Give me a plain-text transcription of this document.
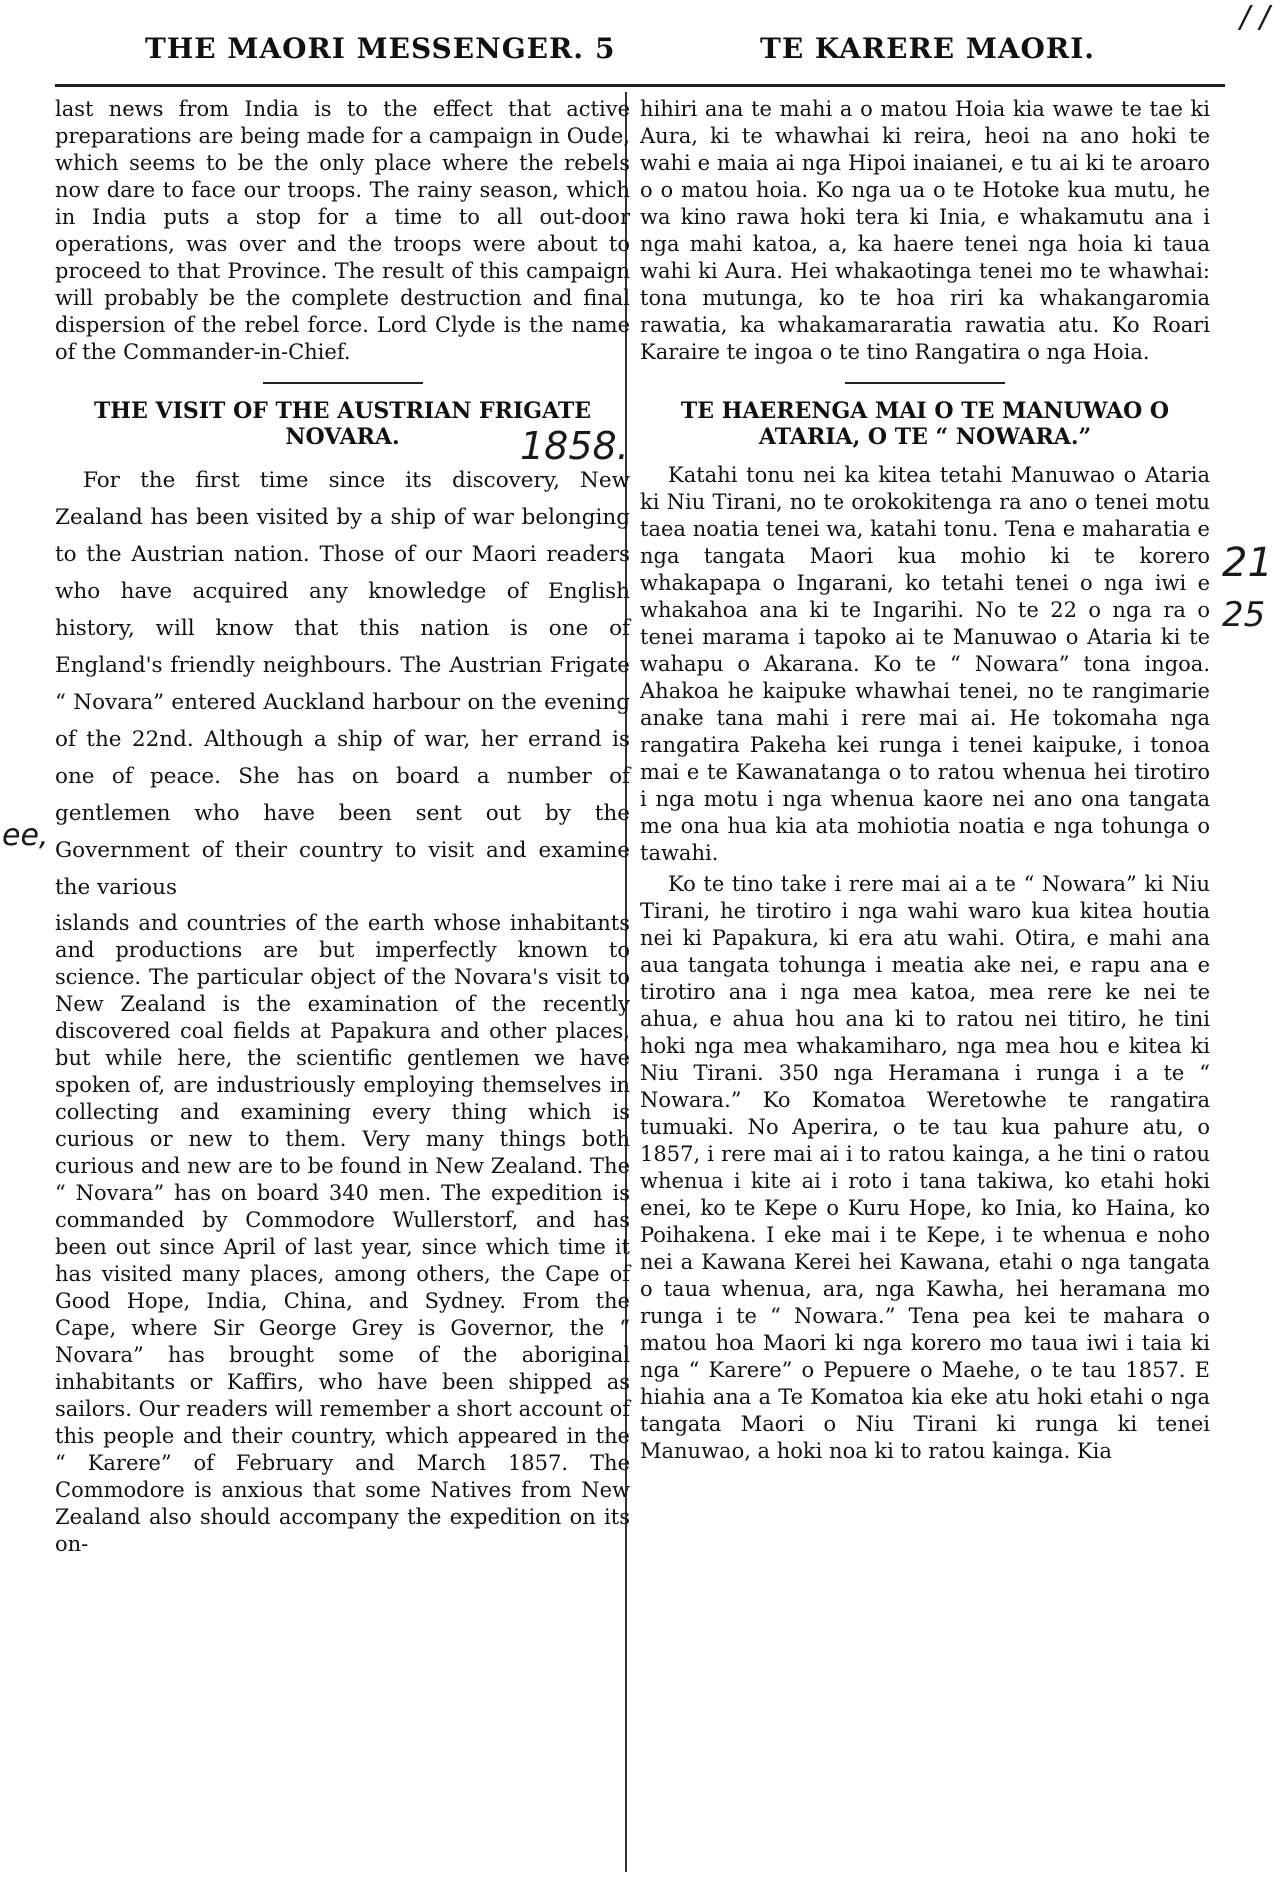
THE MAORI MESSENGER. 5	TE KARERE MAORI.

last news from India is to the effect that active preparations are being made for a campaign in Oude, which seems to be the only place where the rebels now dare to face our troops. The rainy season, which in India puts a stop for a time to all out-door operations, was over and the troops were about to proceed to that Province. The result of this campaign will probably be the complete destruction and final dispersion of the rebel force. Lord Clyde is the name of the Commander-in-Chief.

THE VISIT OF THE AUSTRIAN FRIGATE NOVARA.

For the first time since its discovery, New Zealand has been visited by a ship of war belonging to the Austrian nation. Those of our Maori readers who have acquired any knowledge of English history, will know that this nation is one of England's friendly neighbours. The Austrian Frigate “ Novara” entered Auckland harbour on the evening of the 22nd. Although a ship of war, her errand is one of peace. She has on board a number of gentlemen who have been sent out by the Government of their country to visit and examine the various

islands and countries of the earth whose inhabitants and productions are but imperfectly known to science. The particular object of the Novara's visit to New Zealand is the examination of the recently discovered coal fields at Papakura and other places, but while here, the scientific gentlemen we have spoken of, are industriously employing themselves in collecting and examining every thing which is curious or new to them. Very many things both curious and new are to be found in New Zealand. The “ Novara” has on board 340 men. The expedition is commanded by Commodore Wullerstorf, and has been out since April of last year, since which time it has visited many places, among others, the Cape of Good Hope, India, China, and Sydney. From the Cape, where Sir George Grey is Governor, the “ Novara” has brought some of the aboriginal inhabitants or Kaffirs, who have been shipped as sailors. Our readers will remember a short account of this people and their country, which appeared in the “ Karere” of February and March 1857. The Commodore is anxious that some Natives from New Zealand also should accompany the expedition on its on-

hihiri ana te mahi a o matou Hoia kia wawe te tae ki Aura, ki te whawhai ki reira, heoi na ano hoki te wahi e maia ai nga Hipoi inaianei, e tu ai ki te aroaro o o matou hoia. Ko nga ua o te Hotoke kua mutu, he wa kino rawa hoki tera ki Inia, e whakamutu ana i nga mahi katoa, a, ka haere tenei nga hoia ki taua wahi ki Aura. Hei whakaotinga tenei mo te whawhai: tona mutunga, ko te hoa riri ka whakangaromia rawatia, ka whakamararatia rawatia atu. Ko Roari Karaire te ingoa o te tino Rangatira o nga Hoia.

TE HAERENGA MAI O TE MANUWAO O ATARIA, O TE “ NOWARA.”

Katahi tonu nei ka kitea tetahi Manuwao o Ataria ki Niu Tirani, no te orokokitenga ra ano o tenei motu taea noatia tenei wa, katahi tonu. Tena e maharatia e nga tangata Maori kua mohio ki te korero whakapapa o Ingarani, ko tetahi tenei o nga iwi e whakahoa ana ki te Ingarihi. No te 22 o nga ra o tenei marama i tapoko ai te Manuwao o Ataria ki te wahapu o Akarana. Ko te “ Nowara” tona ingoa. Ahakoa he kaipuke whawhai tenei, no te rangimarie anake tana mahi i rere mai ai. He tokomaha nga rangatira Pakeha kei runga i tenei kaipuke, i tonoa mai e te Kawanatanga o to ratou whenua hei tirotiro i nga motu i nga whenua kaore nei ano ona tangata me ona hua kia ata mohiotia noatia e nga tohunga o tawahi.

Ko te tino take i rere mai ai a te “ Nowara” ki Niu Tirani, he tirotiro i nga wahi waro kua kitea houtia nei ki Papakura, ki era atu wahi. Otira, e mahi ana aua tangata tohunga i meatia ake nei, e rapu ana e tirotiro ana i nga mea katoa, mea rere ke nei te ahua, e ahua hou ana ki to ratou nei titiro, he tini hoki nga mea whakamiharo, nga mea hou e kitea ki Niu Tirani. 350 nga Heramana i runga i a te “ Nowara.” Ko Komatoa Weretowhe te rangatira tumuaki. No Aperira, o te tau kua pahure atu, o 1857, i rere mai ai i to ratou kainga, a he tini o ratou whenua i kite ai i roto i tana takiwa, ko etahi hoki enei, ko te Kepe o Kuru Hope, ko Inia, ko Haina, ko Poihakena. I eke mai i te Kepe, i te whenua e noho nei a Kawana Kerei hei Kawana, etahi o nga tangata o taua whenua, ara, nga Kawha, hei heramana mo runga i te “ Nowara.” Tena pea kei te mahara o matou hoa Maori ki nga korero mo taua iwi i taia ki nga “ Karere” o Pepuere o Maehe, o te tau 1857. E hiahia ana a Te Komatoa kia eke atu hoki etahi o nga tangata Maori o Niu Tirani ki runga ki tenei Manuwao, a hoki noa ki to ratou kainga. Kia

1858.
21
25
ee,
/ /
